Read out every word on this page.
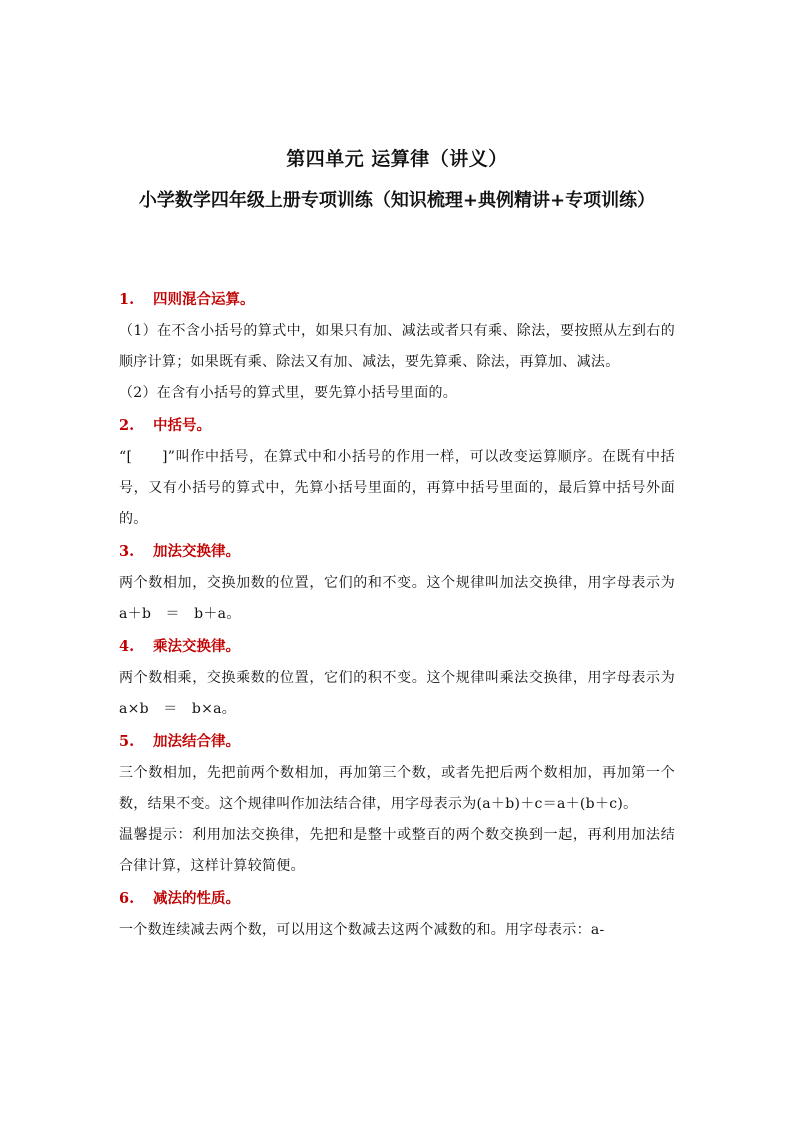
第四单元 运算律（讲义）
小学数学四年级上册专项训练（知识梳理+典例精讲+专项训练）
1. 四则混合运算。
（1）在不含小括号的算式中，如果只有加、减法或者只有乘、除法，要按照从左到右的顺序计算；如果既有乘、除法又有加、减法，要先算乘、除法，再算加、减法。
（2）在含有小括号的算式里，要先算小括号里面的。
2. 中括号。
“[　　]”叫作中括号，在算式中和小括号的作用一样，可以改变运算顺序。在既有中括号，又有小括号的算式中，先算小括号里面的，再算中括号里面的，最后算中括号外面的。
3. 加法交换律。
两个数相加，交换加数的位置，它们的和不变。这个规律叫加法交换律，用字母表示为　a＋b　＝　b＋a。
4. 乘法交换律。
两个数相乘，交换乘数的位置，它们的积不变。这个规律叫乘法交换律，用字母表示为a×b　＝　b×a。
5. 加法结合律。
三个数相加，先把前两个数相加，再加第三个数，或者先把后两个数相加，再加第一个数，结果不变。这个规律叫作加法结合律，用字母表示为(a＋b)＋c＝a＋(b＋c)。
温馨提示：利用加法交换律，先把和是整十或整百的两个数交换到一起，再利用加法结合律计算，这样计算较简便。
6. 减法的性质。
一个数连续减去两个数，可以用这个数减去这两个减数的和。用字母表示：a-
